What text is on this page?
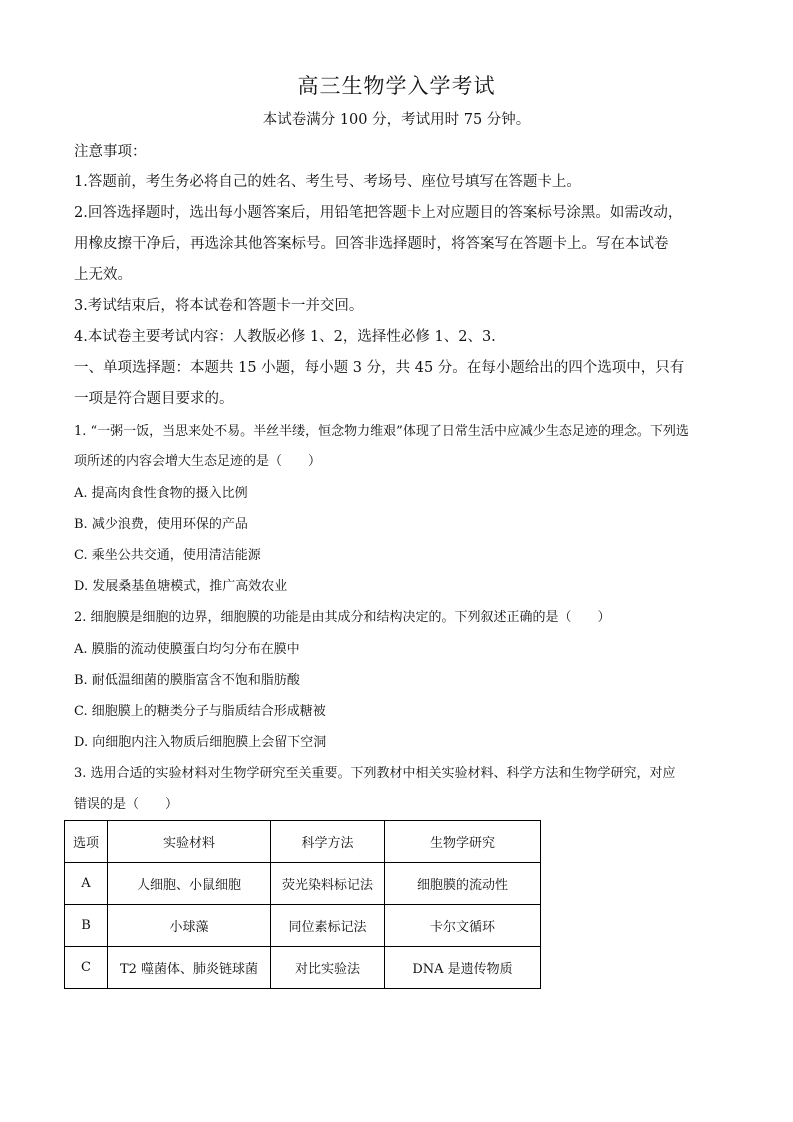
高三生物学入学考试
本试卷满分 100 分，考试用时 75 分钟。
注意事项：
1.答题前，考生务必将自己的姓名、考生号、考场号、座位号填写在答题卡上。
2.回答选择题时，选出每小题答案后，用铅笔把答题卡上对应题目的答案标号涂黑。如需改动，
用橡皮擦干净后，再选涂其他答案标号。回答非选择题时，将答案写在答题卡上。写在本试卷
上无效。
3.考试结束后，将本试卷和答题卡一并交回。
4.本试卷主要考试内容：人教版必修 1、2，选择性必修 1、2、3.
一、单项选择题：本题共 15 小题，每小题 3 分，共 45 分。在每小题给出的四个选项中，只有
一项是符合题目要求的。
1. “一粥一饭，当思来处不易。半丝半缕，恒念物力维艰”体现了日常生活中应减少生态足迹的理念。下列选
项所述的内容会增大生态足迹的是（　　）
A. 提高肉食性食物的摄入比例
B. 减少浪费，使用环保的产品
C. 乘坐公共交通，使用清洁能源
D. 发展桑基鱼塘模式，推广高效农业
2. 细胞膜是细胞的边界，细胞膜的功能是由其成分和结构决定的。下列叙述正确的是（　　）
A. 膜脂的流动使膜蛋白均匀分布在膜中
B. 耐低温细菌的膜脂富含不饱和脂肪酸
C. 细胞膜上的糖类分子与脂质结合形成糖被
D. 向细胞内注入物质后细胞膜上会留下空洞
3. 选用合适的实验材料对生物学研究至关重要。下列教材中相关实验材料、科学方法和生物学研究，对应
错误的是（　　）
选项	实验材料	科学方法	生物学研究
A	人细胞、小鼠细胞	荧光染料标记法	细胞膜的流动性
B	小球藻	同位素标记法	卡尔文循环
C	T2 噬菌体、肺炎链球菌	对比实验法	DNA 是遗传物质
